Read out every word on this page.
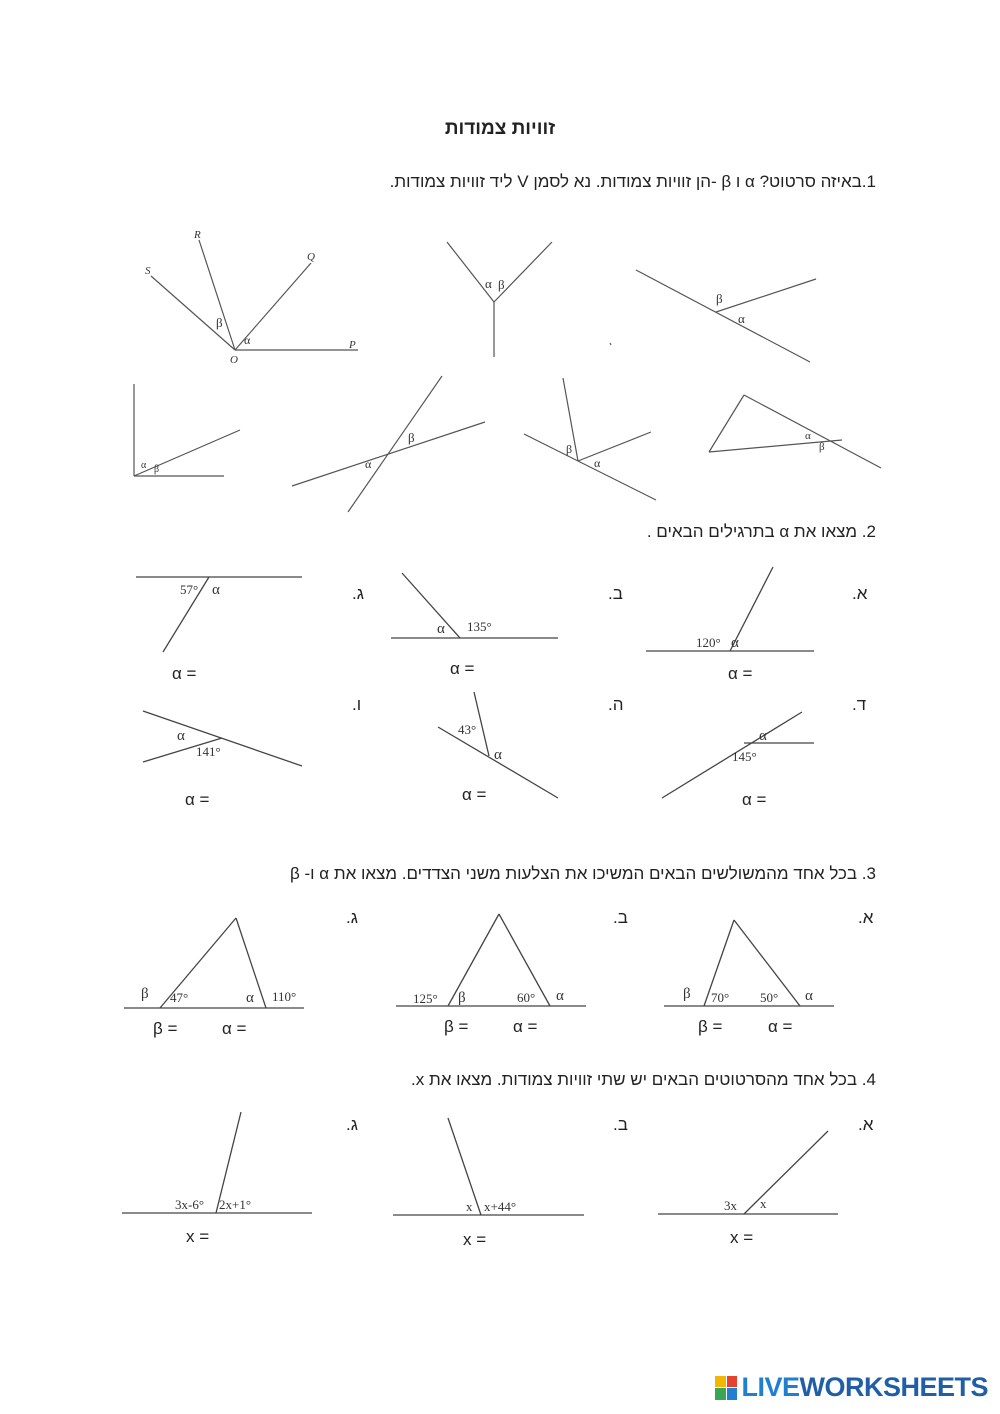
זוויות צמודות
1.באיזה סרטוט? α ו β -הן זוויות צמודות. נא לסמן V ליד זוויות צמודות.
2. מצאו את α בתרגילים הבאים .
3. בכל אחד מהמשולשים הבאים המשיכו את הצלעות משני הצדדים. מצאו את α ו- β
4. בכל אחד מהסרטוטים הבאים יש שתי זוויות צמודות. מצאו את x.
א.
ב.
ג.
ד.
ה.
ו.
α =
α =
α =
α =
α =
α =
א.
ב.
ג.
β =	α =
β =	α =
β =	α =
א.
ב.
ג.
x =
x =
x =
S
R
Q
O
P
β
α
α β
β
α
α β
β
α
β
α
α
β
120° α
α 135°
57° α
α
145°
43°
α
α
141°
β 70° 50° α
125° β	60° α
β 47°	α 110°
3x x
x x+44°
3x-6° 2x+1°
LIVEWORKSHEETS
